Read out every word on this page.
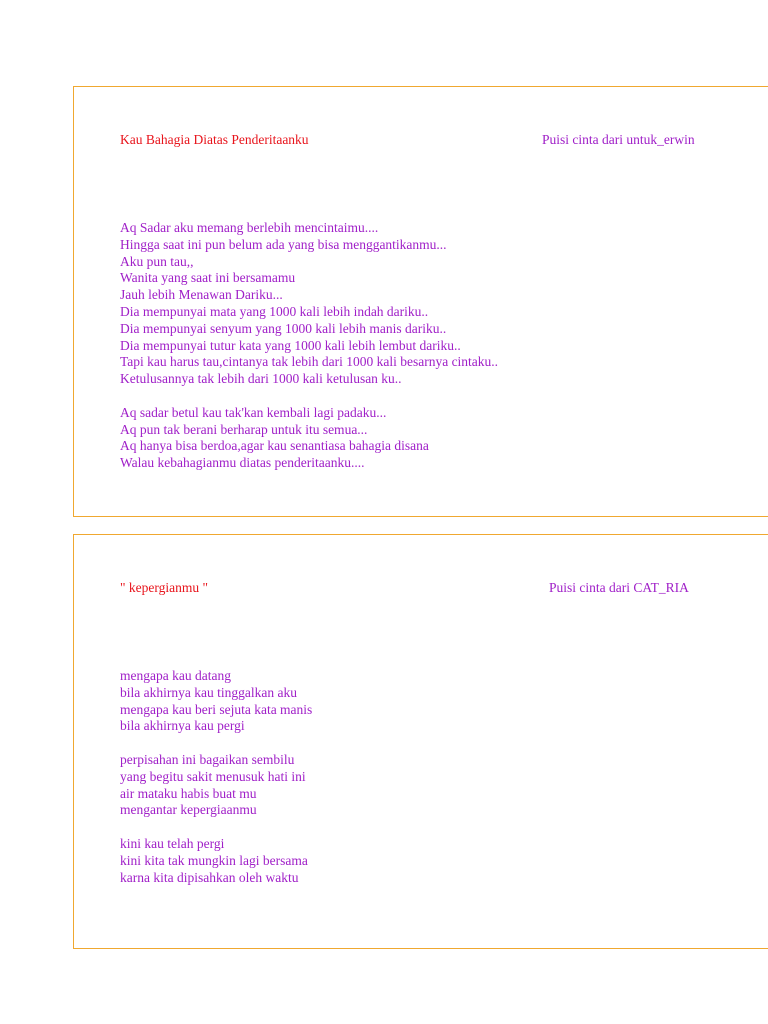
Kau Bahagia Diatas Penderitaanku	Puisi cinta dari untuk_erwin
Aq Sadar aku memang berlebih mencintaimu....
Hingga saat ini pun belum ada yang bisa menggantikanmu...
Aku pun tau,,
Wanita yang saat ini bersamamu
Jauh lebih Menawan Dariku...
Dia mempunyai mata yang 1000 kali lebih indah dariku..
Dia mempunyai senyum yang 1000 kali lebih manis dariku..
Dia mempunyai tutur kata yang 1000 kali lebih lembut dariku..
Tapi kau harus tau,cintanya tak lebih dari 1000 kali besarnya cintaku..
Ketulusannya tak lebih dari 1000 kali ketulusan ku..
Aq sadar betul kau tak'kan kembali lagi padaku...
Aq pun tak berani berharap untuk itu semua...
Aq hanya bisa berdoa,agar kau senantiasa bahagia disana
Walau kebahagianmu diatas penderitaanku....
" kepergianmu "	Puisi cinta dari CAT_RIA
mengapa kau datang
bila akhirnya kau tinggalkan aku
mengapa kau beri sejuta kata manis
bila akhirnya kau pergi
perpisahan ini bagaikan sembilu
yang begitu sakit menusuk hati ini
air mataku habis buat mu
mengantar kepergiaanmu
kini kau telah pergi
kini kita tak mungkin lagi bersama
karna kita dipisahkan oleh waktu
